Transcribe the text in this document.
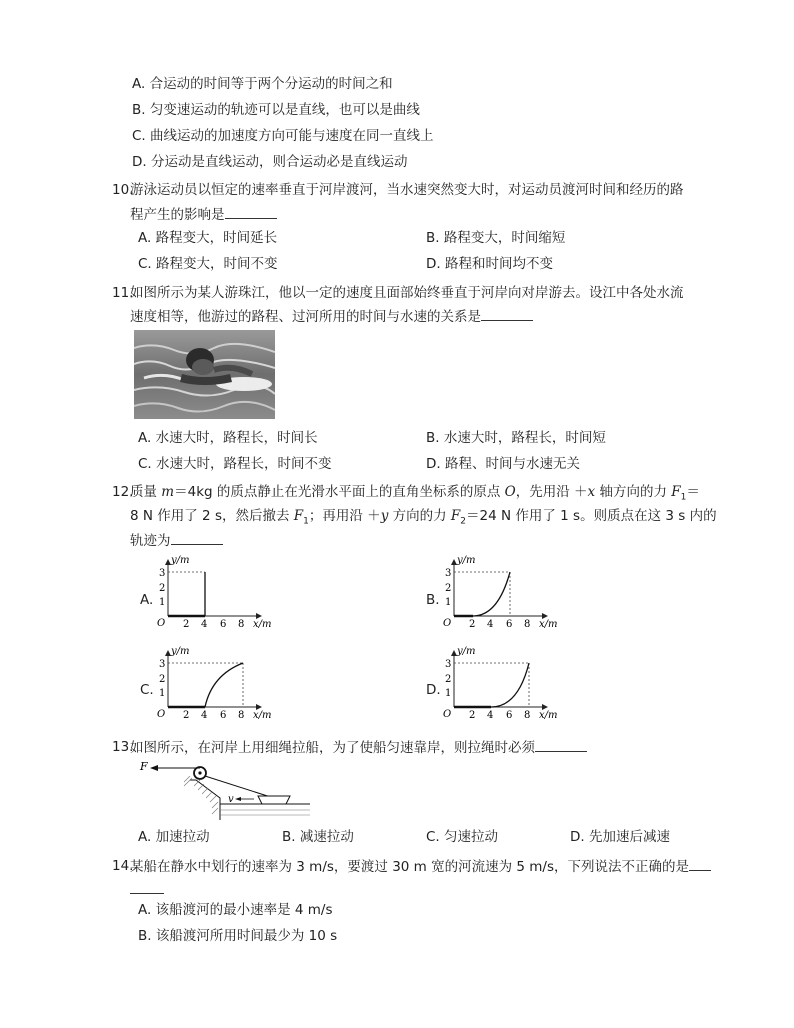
A. 合运动的时间等于两个分运动的时间之和
B. 匀变速运动的轨迹可以是直线，也可以是曲线
C. 曲线运动的加速度方向可能与速度在同一直线上
D. 分运动是直线运动，则合运动必是直线运动
10.
游泳运动员以恒定的速率垂直于河岸渡河，当水速突然变大时，对运动员渡河时间和经历的路
程产生的影响是
A. 路程变大，时间延长	B. 路程变大，时间缩短
C. 路程变大，时间不变	D. 路程和时间均不变
11.
如图所示为某人游珠江，他以一定的速度且面部始终垂直于河岸向对岸游去。设江中各处水流
速度相等，他游过的路程、过河所用的时间与水速的关系是
A. 水速大时，路程长，时间长	B. 水速大时，路程长，时间短
C. 水速大时，路程长，时间不变	D. 路程、时间与水速无关
12.
质量 m＝4kg 的质点静止在光滑水平面上的直角坐标系的原点 O，先用沿 ＋x 轴方向的力 $F_1=$
8 N 作用了 2 s，然后撤去 $F_1$；再用沿 ＋y 方向的力 $F_2=24$ N 作用了 1 s。则质点在这 3 s 内的
轨迹为
A.
y/m
x/m
O
1
2
3
2 4 6 8
B.
y/m
x/m
O
1
2
3
2 4 6 8
C.
y/m
x/m
O
1
2
3
2 4 6 8
D.
y/m
x/m
O
1
2
3
2 4 6 8
13.
如图所示，在河岸上用细绳拉船，为了使船匀速靠岸，则拉绳时必须
F
v
A. 加速拉动	B. 减速拉动	C. 匀速拉动	D. 先加速后减速
14.
某船在静水中划行的速率为 3 m/s，要渡过 30 m 宽的河流速为 5 m/s，下列说法不正确的是
A. 该船渡河的最小速率是 4 m/s
B. 该船渡河所用时间最少为 10 s
